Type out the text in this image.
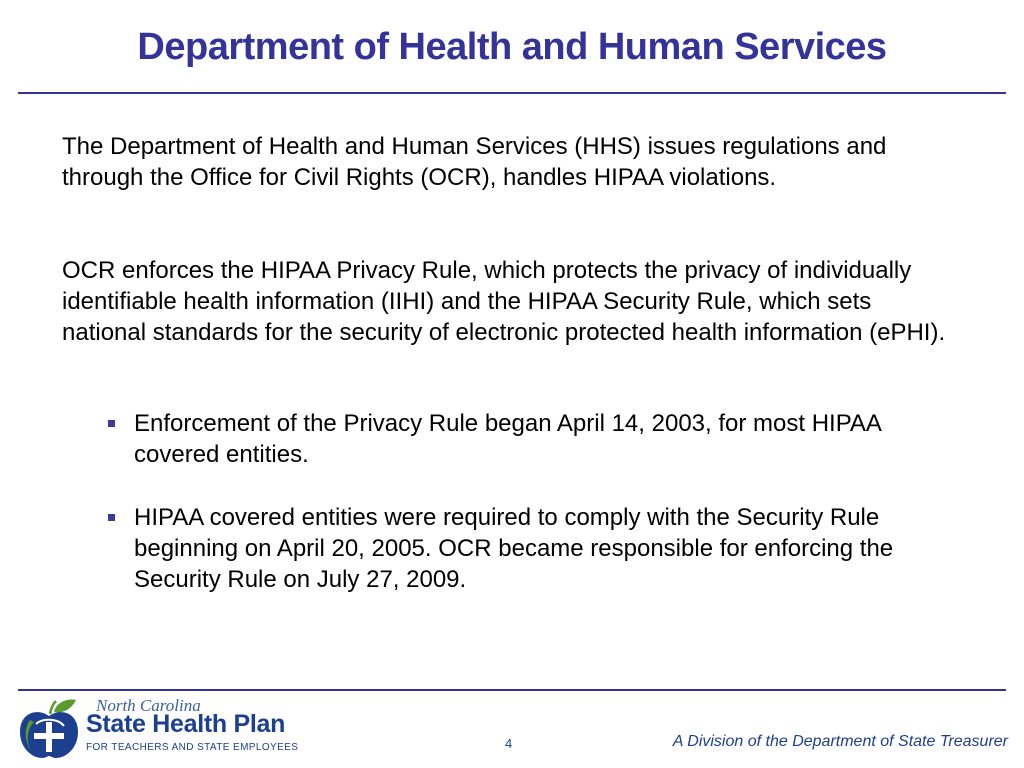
Department of Health and Human Services
The Department of Health and Human Services (HHS) issues regulations and through the Office for Civil Rights (OCR), handles HIPAA violations.
OCR enforces the HIPAA Privacy Rule, which protects the privacy of individually identifiable health information (IIHI) and the HIPAA Security Rule, which sets national standards for the security of electronic protected health information (ePHI).
Enforcement of the Privacy Rule began April 14, 2003, for most HIPAA covered entities.
HIPAA covered entities were required to comply with the Security Rule beginning on April 20, 2005. OCR became responsible for enforcing the Security Rule on July 27, 2009.
North Carolina
State Health Plan
FOR TEACHERS AND STATE EMPLOYEES	4	A Division of the Department of State Treasurer
